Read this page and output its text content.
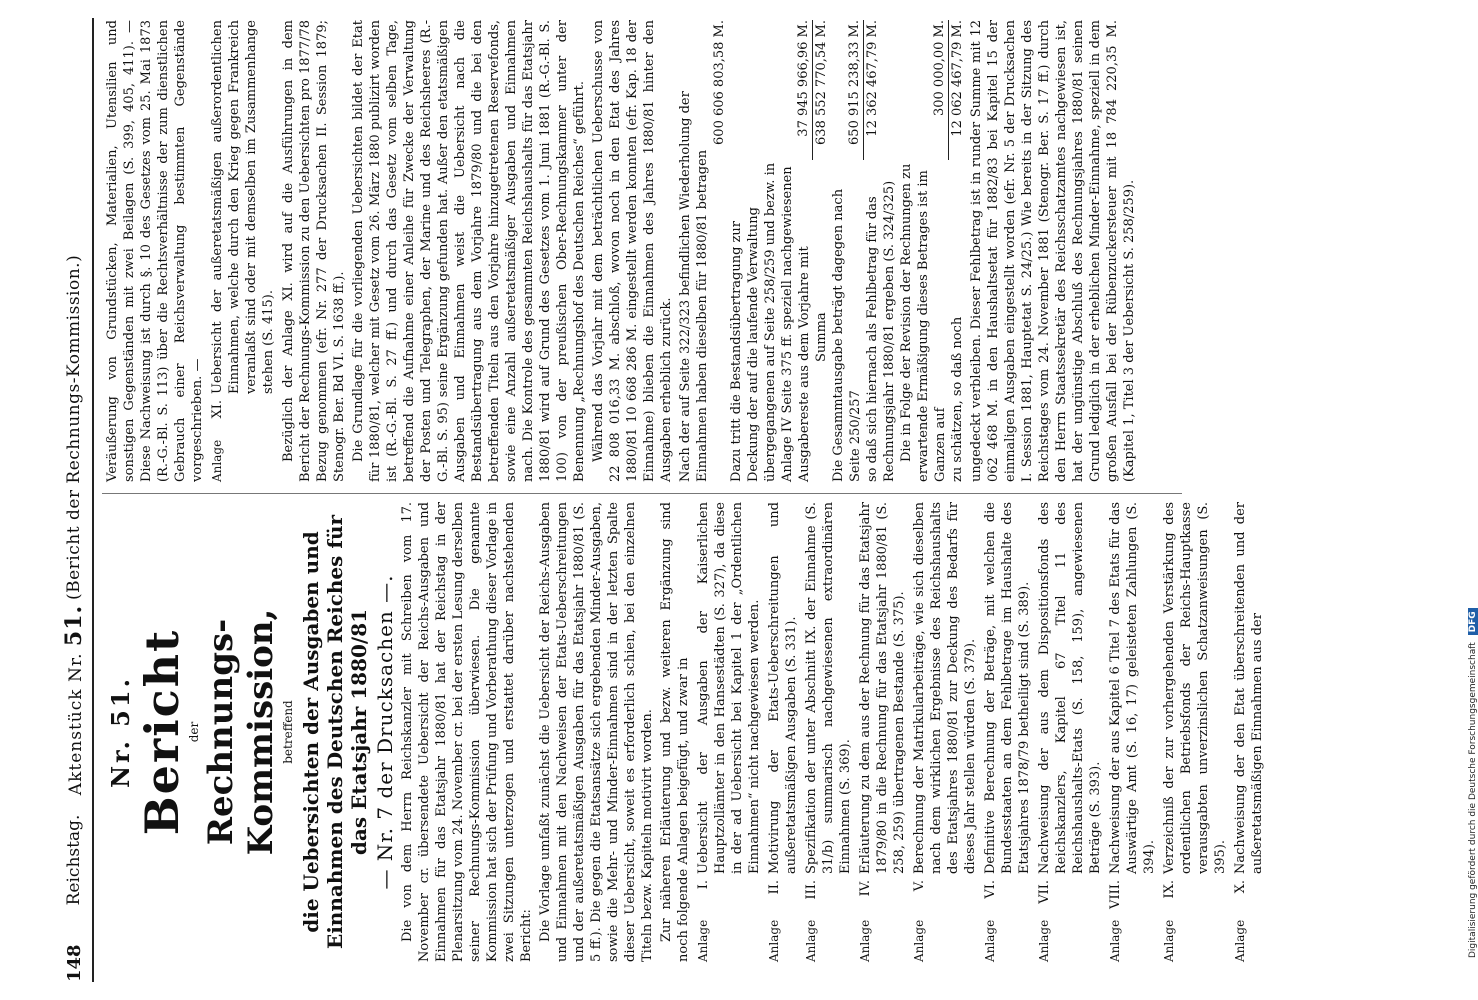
148
Reichstag.
Aktenstück Nr. 51.
(Bericht der Rechnungs-Kommission.)
Nr. 51. Bericht
der Rechnungs-Kommission, betreffend die Uebersichten der Ausgaben und Einnahmen des Deutschen Reiches für das Etatsjahr 1880/81 — Nr. 7 der Drucksachen —. Die von dem Herrn Reichskanzler mit Schreiben vom 17. November cr. übersendete Uebersicht der Reichs-Ausgaben und Einnahmen für das Etatsjahr 1880/81 hat der Reichstag in der Plenarsitzung vom 24. November cr. bei der ersten Lesung derselben seiner Rechnungs-Kommission überwiesen. Die genannte Kommission hat sich der Prüfung und Vorberathung dieser Vorlage in zwei Sitzungen unterzogen und erstattet darüber nachstehenden Bericht: Die Vorlage umfaßt zunächst die Uebersicht der Reichs-Ausgaben und Einnahmen mit den Nachweisen der Etats-Ueberschreitungen und der außeretatsmäßigen Ausgaben für das Etatsjahr 1880/81 (S. 5 ff.). Die gegen die Etatsansätze sich ergebenden Minder-Ausgaben, sowie die Mehr- und Minder-Einnahmen sind in der letzten Spalte dieser Uebersicht, soweit es erforderlich schien, bei den einzelnen Titeln bezw. Kapiteln motivirt worden. Zur näheren Erläuterung und bezw. weiteren Ergänzung sind noch folgende Anlagen beigefügt, und zwar in Anlage
I.
Uebersicht der Ausgaben der Kaiserlichen Hauptzollämter in den Hansestädten (S. 327), da diese in der ad Uebersicht bei Kapitel 1 der „Ordentlichen Einnahmen“ nicht nachgewiesen werden.
Anlage
II.
Motivirung der Etats-Ueberschreitungen und außeretatsmäßigen Ausgaben (S. 331).
Anlage
III.
Spezifikation der unter Abschnitt IX. der Einnahme (S. 31/b) summarisch nachgewiesenen extraordinären Einnahmen (S. 369).
Anlage
IV.
Erläuterung zu dem aus der Rechnung für das Etatsjahr 1879/80 in die Rechnung für das Etatsjahr 1880/81 (S. 258, 259) übertragenen Bestande (S. 375).
Anlage
V.
Berechnung der Matrikularbeiträge, wie sich dieselben nach dem wirklichen Ergebnisse des Reichshaushalts des Etatsjahres 1880/81 zur Deckung des Bedarfs für dieses Jahr stellen würden (S. 379).
Anlage
VI.
Definitive Berechnung der Beträge, mit welchen die Bundesstaaten an dem Fehlbetrage im Haushalte des Etatsjahres 1878/79 betheiligt sind (S. 389).
Anlage
VII.
Nachweisung der aus dem Dispositionsfonds des Reichskanzlers, Kapitel 67 Titel 11 des Reichshaushalts-Etats (S. 158, 159), angewiesenen Beträge (S. 393).
Anlage
VIII.
Nachweisung der aus Kapitel 6 Titel 7 des Etats für das Auswärtige Amt (S. 16, 17) geleisteten Zahlungen (S. 394).
Anlage
IX.
Verzeichniß der zur vorhergehenden Verstärkung des ordentlichen Betriebsfonds der Reichs-Hauptkasse verausgabten unverzinslichen Schatzanweisungen (S. 395).
Anlage
X.
Nachweisung der den Etat überschreitenden und der außeretatsmäßigen Einnahmen aus der

Veräußerung von Grundstücken, Materialien, Utensilien und sonstigen Gegenständen mit zwei Beilagen (S. 399, 405, 411). — Diese Nachweisung ist durch §. 10 des Gesetzes vom 25. Mai 1873 (R.-G.-Bl. S. 113) über die Rechtsverhältnisse der zum dienstlichen Gebrauch einer Reichsverwaltung bestimmten Gegenstände vorgeschrieben. — Anlage
XI.
Uebersicht der außeretatsmäßigen außerordentlichen Einnahmen, welche durch den Krieg gegen Frankreich veranlaßt sind oder mit demselben im Zusammenhange stehen (S. 415). Bezüglich der Anlage XI. wird auf die Ausführungen in dem Bericht der Rechnungs-Kommission zu den Uebersichten pro 1877/78 Bezug genommen (efr. Nr. 277 der Drucksachen II. Session 1879; Stenogr. Ber. Bd VI. S. 1638 ff.). Die Grundlage für die vorliegenden Uebersichten bildet der Etat für 1880/81, welcher mit Gesetz vom 26. März 1880 publizirt worden ist (R.-G.-Bl. S. 27 ff.) und durch das Gesetz vom selben Tage, betreffend die Aufnahme einer Anleihe für Zwecke der Verwaltung der Posten und Telegraphen, der Marine und des Reichsheeres (R.-G.-Bl. S. 95) seine Ergänzung gefunden hat. Außer den etatsmäßigen Ausgaben und Einnahmen weist die Uebersicht nach die Bestandsübertragung aus dem Vorjahre 1879/80 und die bei den betreffenden Titeln aus den Vorjahre hinzugetretenen Reservefonds, sowie eine Anzahl außeretatsmäßiger Ausgaben und Einnahmen nach. Die Kontrole des gesammten Reichshaushalts für das Etatsjahr 1880/81 wird auf Grund des Gesetzes vom 1. Juni 1881 (R.-G.-Bl. S. 100) von der preußischen Ober-Rechnungskammer unter der Benennung „Rechnungshof des Deutschen Reiches“ geführt. Während das Vorjahr mit dem beträchtlichen Ueberschusse von 22 808 016,33 M. abschloß, wovon noch in den Etat des Jahres 1880/81 10 668 286 M. eingestellt werden konnten (efr. Kap. 18 der Einnahme) blieben die Einnahmen des Jahres 1880/81 hinter den Ausgaben erheblich zurück. Nach der auf Seite 322/323 befindlichen Wiederholung der Einnahmen haben dieselben für 1880/81 betragen
600 606 803,58 M.
Dazu tritt die Bestandsübertragung zur Deckung der auf die laufende Verwaltung übergegangenen auf Seite 258/259 und bezw. in Anlage IV Seite 375 ff. speziell nachgewiesenen Ausgabereste aus dem Vorjahre mit
37 945 966,96 M.
Summa
638 552 770,54 M.
Die Gesammtausgabe beträgt dagegen nach Seite 250/257
650 915 238,33 M.
so daß sich hiernach als Fehlbetrag für das Rechnungsjahr 1880/81 ergeben (S. 324/325)
12 362 467,79 M.
Die in Folge der Revision der Rechnungen zu erwartende Ermäßigung dieses Betrages ist im Ganzen auf
300 000,00 M.
zu schätzen, so daß noch
12 062 467,79 M. ungedeckt verbleiben. Dieser Fehlbetrag ist in runder Summe mit 12 062 468 M. in den Haushaltsetat für 1882/83 bei Kapitel 15 der einmaligen Ausgaben eingestellt worden (efr. Nr. 5 der Drucksachen I. Session 1881, Hauptetat S. 24/25.) Wie bereits in der Sitzung des Reichstages vom 24. November 1881 (Stenogr. Ber. S. 17 ff.) durch den Herrn Staatssekretär des Reichsschatzamtes nachgewiesen ist, hat der ungünstige Abschluß des Rechnungsjahres 1880/81 seinen Grund lediglich in der erheblichen Minder-Einnahme, speziell in dem großen Ausfall bei der Rübenzuckersteuer mit 18 784 220,35 M. (Kapitel 1, Titel 3 der Uebersicht S. 258/259).

Digitalisierung gefördert durch die Deutsche Forschungsgemeinschaft DFG
